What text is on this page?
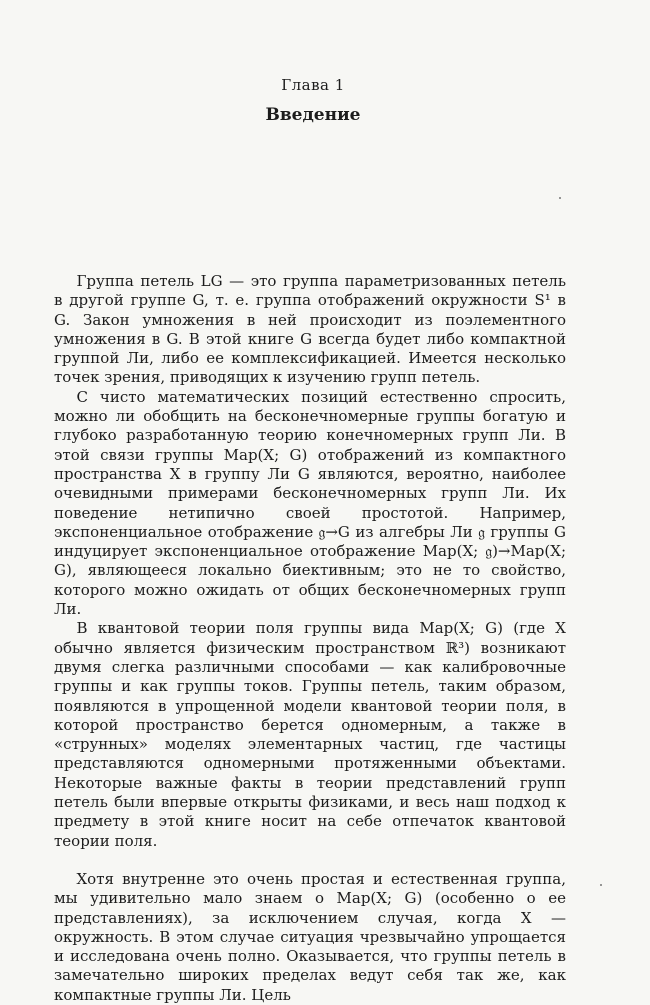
Глава 1
Введение

Группа петель LG — это группа параметризованных петель в другой группе G, т. е. группа отображений окружности S¹ в G. Закон умножения в ней происходит из поэлементного умножения в G. В этой книге G всегда будет либо компактной группой Ли, либо ее комплексификацией. Имеется несколько точек зрения, приводящих к изучению групп петель.

С чисто математических позиций естественно спросить, можно ли обобщить на бесконечномерные группы богатую и глубоко разработанную теорию конечномерных групп Ли. В этой связи группы Map(X; G) отображений из компактного пространства X в группу Ли G являются, вероятно, наиболее очевидными примерами бесконечномерных групп Ли. Их поведение нетипично своей простотой. Например, экспоненциальное отображение 𝔤→G из алгебры Ли 𝔤 группы G индуцирует экспоненциальное отображение Map(X; 𝔤)→Map(X; G), являющееся локально биективным; это не то свойство, которого можно ожидать от общих бесконечномерных групп Ли.

В квантовой теории поля группы вида Map(X; G) (где X обычно является физическим пространством ℝ³) возникают двумя слегка различными способами — как калибровочные группы и как группы токов. Группы петель, таким образом, появляются в упрощенной модели квантовой теории поля, в которой пространство берется одномерным, а также в «струнных» моделях элементарных частиц, где частицы представляются одномерными протяженными объектами. Некоторые важные факты в теории представлений групп петель были впервые открыты физиками, и весь наш подход к предмету в этой книге носит на себе отпечаток квантовой теории поля.

Хотя внутренне это очень простая и естественная группа, мы удивительно мало знаем о Map(X; G) (особенно о ее представлениях), за исключением случая, когда X — окружность. В этом случае ситуация чрезвычайно упрощается и исследована очень полно. Оказывается, что группы петель в замечательно широких пределах ведут себя так же, как компактные группы Ли. Цель
